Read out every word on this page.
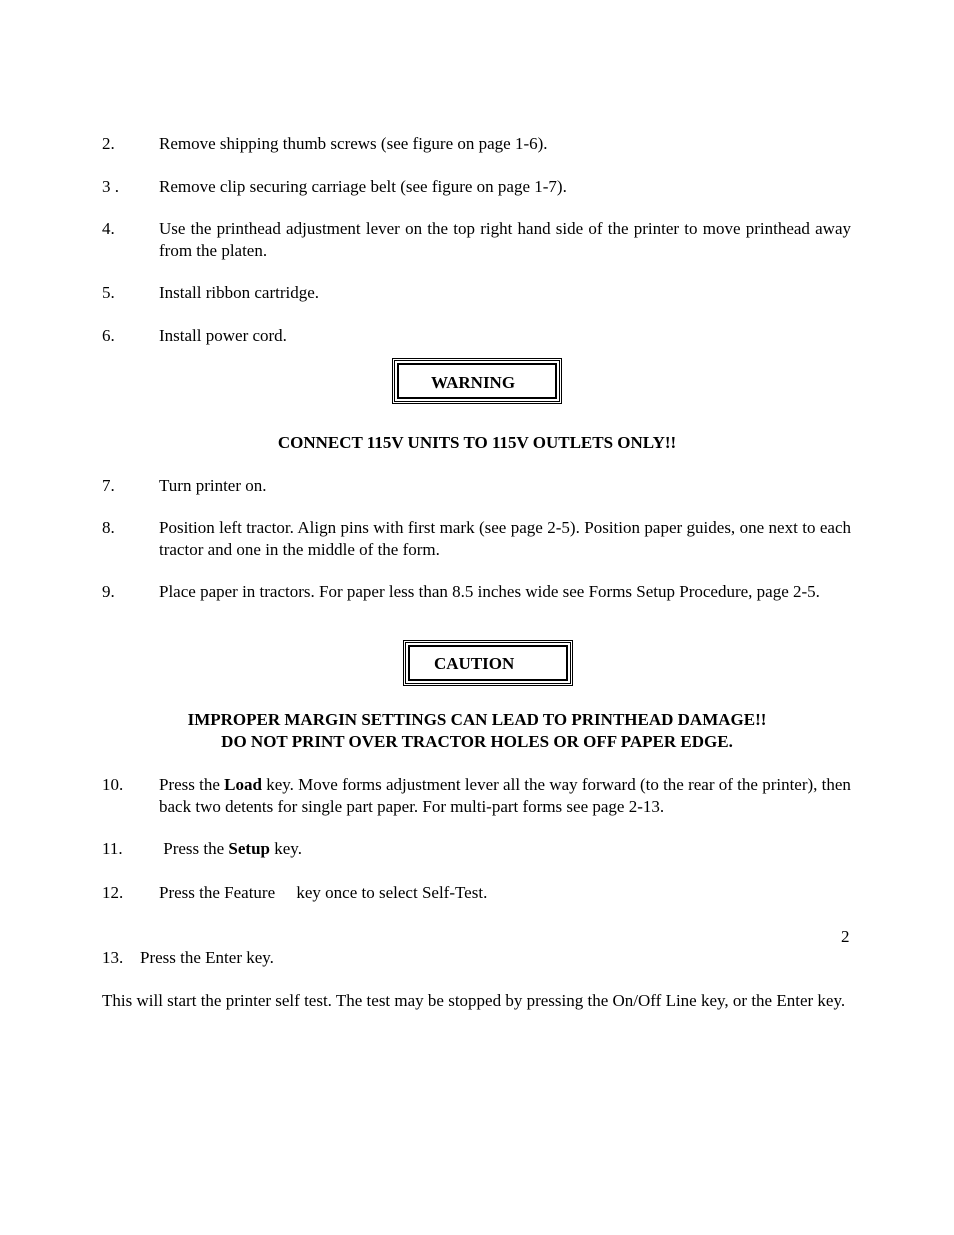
2.	Remove shipping thumb screws (see figure on page 1-6).
3 . Remove clip securing carriage belt (see figure on page 1-7).
4.	Use the printhead adjustment lever on the top right hand side of the printer to move printhead away from the platen.
5.	Install ribbon cartridge.
6.	Install power cord.
WARNING
CONNECT 115V UNITS TO 115V OUTLETS ONLY!!
7.	Turn printer on.
8.	Position left tractor. Align pins with first mark (see page 2-5). Position paper guides, one next to each tractor and one in the middle of the form.
9.	Place paper in tractors. For paper less than 8.5 inches wide see Forms Setup Procedure, page 2-5.
CAUTION
IMPROPER MARGIN SETTINGS CAN LEAD TO PRINTHEAD DAMAGE!!
DO NOT PRINT OVER TRACTOR HOLES OR OFF PAPER EDGE.
10. Press the Load key. Move forms adjustment lever all the way forward (to the rear of the printer), then back two detents for single part paper. For multi-part forms see page 2-13.
11. Press the Setup key.
12. Press the Feature     key once to select Self-Test.
2
13. Press the Enter key.
This will start the printer self test. The test may be stopped by pressing the On/Off Line key, or the Enter key.
